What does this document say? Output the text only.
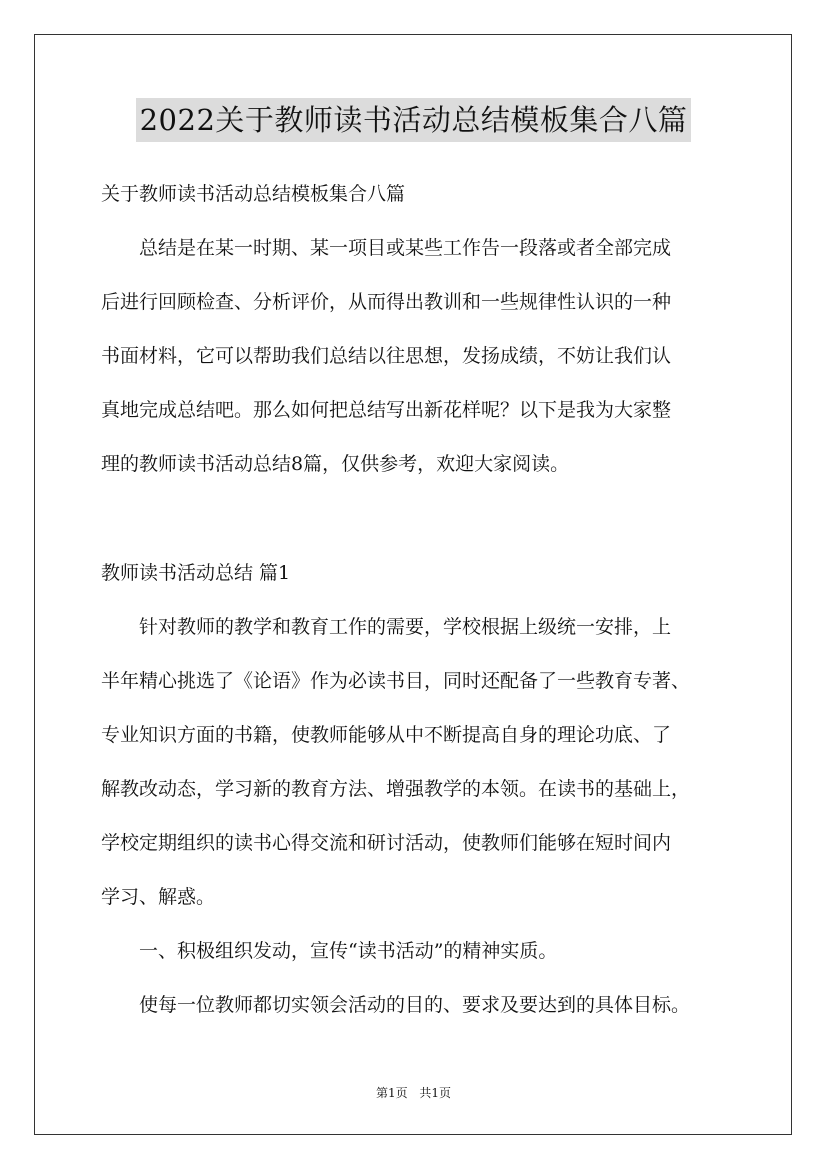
2022关于教师读书活动总结模板集合八篇
关于教师读书活动总结模板集合八篇
　　总结是在某一时期、某一项目或某些工作告一段落或者全部完成
后进行回顾检查、分析评价，从而得出教训和一些规律性认识的一种
书面材料，它可以帮助我们总结以往思想，发扬成绩，不妨让我们认
真地完成总结吧。那么如何把总结写出新花样呢？以下是我为大家整
理的教师读书活动总结8篇，仅供参考，欢迎大家阅读。
教师读书活动总结 篇1
　　针对教师的教学和教育工作的需要，学校根据上级统一安排，上
半年精心挑选了《论语》作为必读书目，同时还配备了一些教育专著、
专业知识方面的书籍，使教师能够从中不断提高自身的理论功底、了
解教改动态，学习新的教育方法、增强教学的本领。在读书的基础上，
学校定期组织的读书心得交流和研讨活动，使教师们能够在短时间内
学习、解惑。
　　一、积极组织发动，宣传“读书活动”的精神实质。
　　使每一位教师都切实领会活动的目的、要求及要达到的具体目标。
第1页 共1页
